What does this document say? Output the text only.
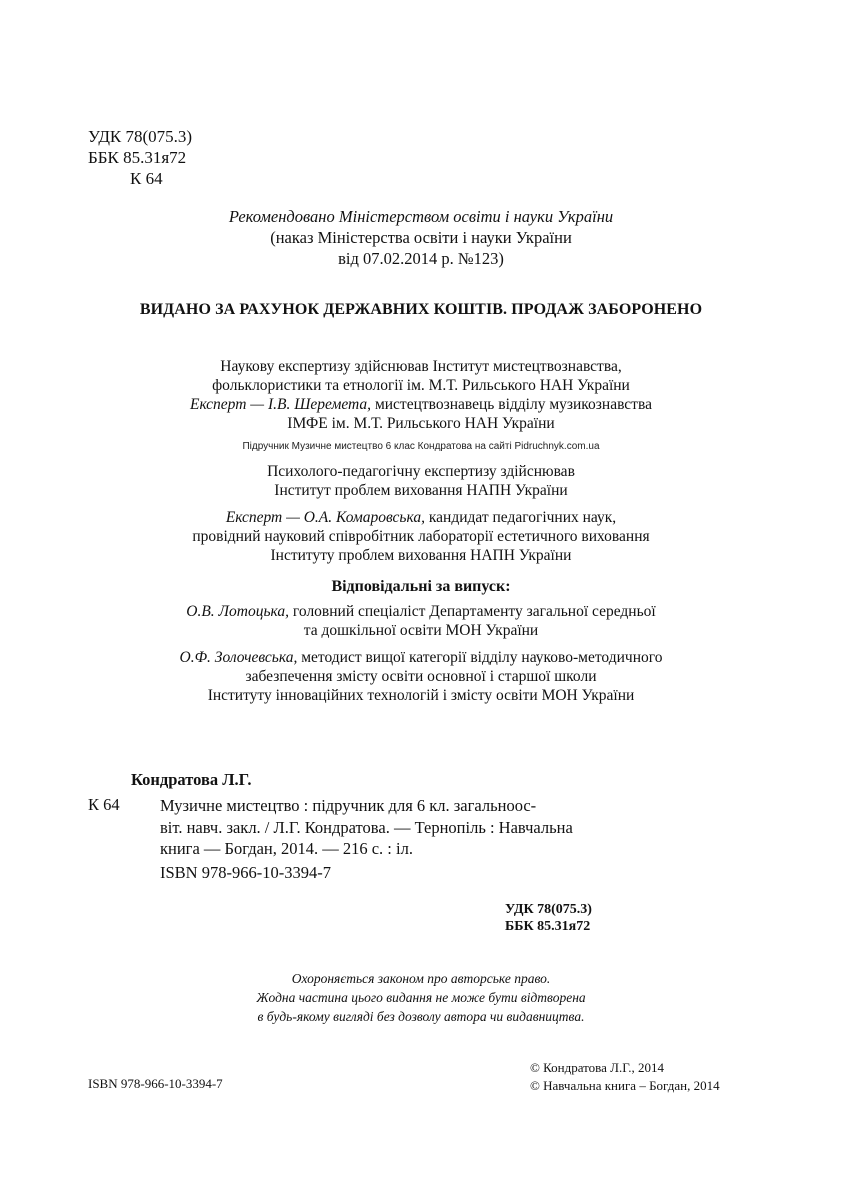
УДК 78(075.3)
ББК 85.31я72
К 64
Рекомендовано Міністерством освіти і науки України
(наказ Міністерства освіти і науки України
від 07.02.2014 р. №123)
ВИДАНО ЗА РАХУНОК ДЕРЖАВНИХ КОШТІВ. ПРОДАЖ ЗАБОРОНЕНО
Наукову експертизу здійснював Інститут мистецтвознавства,
фольклористики та етнології ім. М.Т. Рильського НАН України
Експерт — І.В. Шеремета, мистецтвознавець відділу музикознавства
ІМФЕ ім. М.Т. Рильського НАН України
Підручник Музичне мистецтво 6 клас Кондратова на сайті Pidruchnyk.com.ua
Психолого-педагогічну експертизу здійснював
Інститут проблем виховання НАПН України
Експерт — О.А. Комаровська, кандидат педагогічних наук,
провідний науковий співробітник лабораторії естетичного виховання
Інституту проблем виховання НАПН України
Відповідальні за випуск:
О.В. Лотоцька, головний спеціаліст Департаменту загальної середньої
та дошкільної освіти МОН України
О.Ф. Золочевська, методист вищої категорії відділу науково-методичного
забезпечення змісту освіти основної і старшої школи
Інституту інноваційних технологій і змісту освіти МОН України
Кондратова Л.Г.
К 64 Музичне мистецтво : підручник для 6 кл. загальноос-
віт. навч. закл. / Л.Г. Кондратова. — Тернопіль : Навчальна
книга — Богдан, 2014. — 216 с. : іл.
ISBN 978-966-10-3394-7
УДК 78(075.3)
ББК 85.31я72
Охороняється законом про авторське право.
Жодна частина цього видання не може бути відтворена
в будь-якому вигляді без дозволу автора чи видавництва.
ISBN 978-966-10-3394-7
© Кондратова Л.Г., 2014
© Навчальна книга – Богдан, 2014
